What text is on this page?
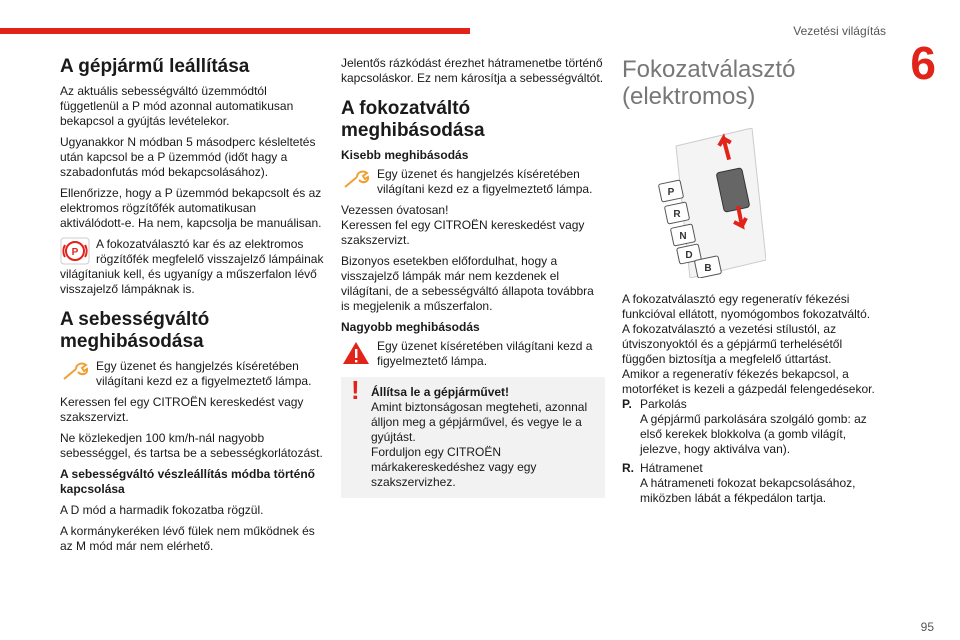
Vezetési világítás
6
95
A gépjármű leállítása

Az aktuális sebességváltó üzemmódtól függetlenül a P mód azonnal automatikusan bekapcsol a gyújtás levételekor.

Ugyanakkor N módban 5 másodperc késleltetés után kapcsol be a P üzemmód (időt hagy a szabadonfutás mód bekapcsolásához).

Ellenőrizze, hogy a P üzemmód bekapcsolt és az elektromos rögzítőfék automatikusan aktiválódott-e. Ha nem, kapcsolja be manuálisan.

P
A fokozatválasztó kar és az elektromos rögzítőfék megfelelő visszajelző lámpáinak világítaniuk kell, és ugyanígy a műszerfalon lévő visszajelző lámpáknak is.
A sebességváltó meghibásodása
Egy üzenet és hangjelzés kíséretében világítani kezd ez a figyelmeztető lámpa.

Keressen fel egy CITROËN kereskedést vagy szakszervizt.

Ne közlekedjen 100 km/h-nál nagyobb sebességgel, és tartsa be a sebességkorlátozást.

A sebességváltó vészleállítás módba történő kapcsolása

A D mód a harmadik fokozatba rögzül.

A kormánykeréken lévő fülek nem működnek és az M mód már nem elérhető.

Jelentős rázkódást érezhet hátramenetbe történő kapcsoláskor. Ez nem károsítja a sebességváltót.

A fokozatváltó meghibásodása
Kisebb meghibásodás
Egy üzenet és hangjelzés kíséretében világítani kezd ez a figyelmeztető lámpa.

Vezessen óvatosan!

Keressen fel egy CITROËN kereskedést vagy szakszervizt.

Bizonyos esetekben előfordulhat, hogy a visszajelző lámpák már nem kezdenek el világítani, de a sebességváltó állapota továbbra is megjelenik a műszerfalon.

Nagyobb meghibásodás
Egy üzenet kíséretében világítani kezd a figyelmeztető lámpa.
! Állítsa le a gépjárművet!
Amint biztonságosan megteheti, azonnal álljon meg a gépjárművel, és vegye le a gyújtást.
Forduljon egy CITROËN márkakereskedéshez vagy egy szakszervizhez.
Fokozatválasztó (elektromos)
P
R
N
D
B

A fokozatválasztó egy regeneratív fékezési funkcióval ellátott, nyomógombos fokozatváltó.

A fokozatválasztó a vezetési stílustól, az útviszonyoktól és a gépjármű terhelésétől függően biztosítja a megfelelő úttartást.

Amikor a regeneratív fékezés bekapcsol, a motorféket is kezeli a gázpedál felengedésekor.

P. Parkolás
A gépjármű parkolására szolgáló gomb: az első kerekek blokkolva (a gomb világít, jelezve, hogy aktiválva van).
R. Hátramenet
A hátrameneti fokozat bekapcsolásához, miközben lábát a fékpedálon tartja.
